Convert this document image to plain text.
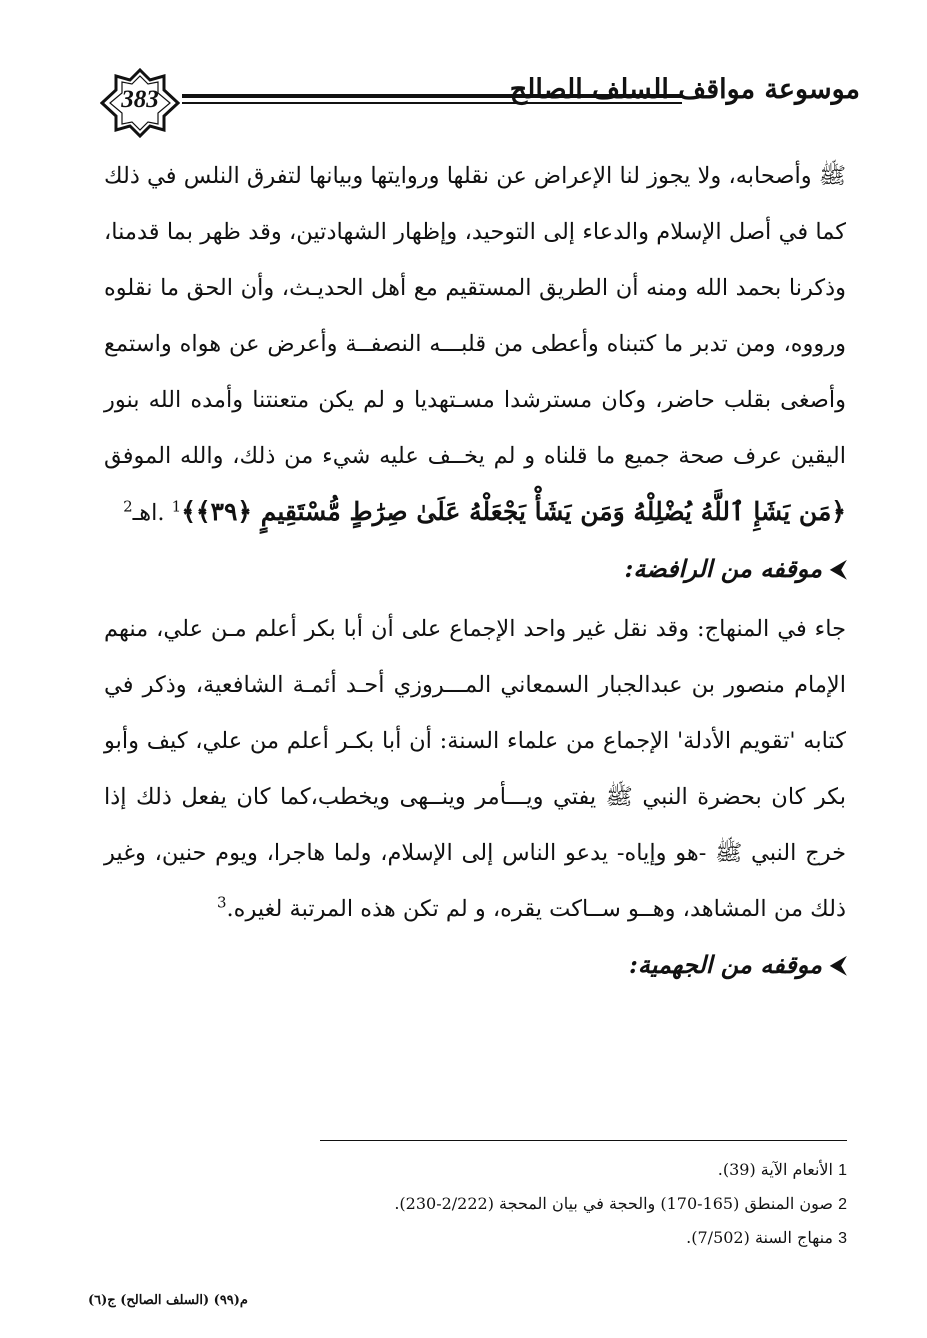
383	موسوعة مواقف السلف الصالح

ﷺ وأصحابه، ولا يجوز لنا الإعراض عن نقلها وروايتها وبيانها لتفرق النلس في ذلك كما في أصل الإسلام والدعاء إلى التوحيد، وإظهار الشهادتين، وقد ظهر بما قدمنا، وذكرنا بحمد الله ومنه أن الطريق المستقيم مع أهل الحديـث، وأن الحق ما نقلوه ورووه، ومن تدبر ما كتبناه وأعطى من قلبـــه النصفــة وأعرض عن هواه واستمع وأصغى بقلب حاضر، وكان مسترشدا مسـتهديا و لم يكن متعنتنا وأمده الله بنور اليقين عرف صحة جميع ما قلناه و لم يخــف عليه شيء من ذلك، والله الموفق ﴿مَن يَشَإِ ٱللَّهُ يُضْلِلْهُ وَمَن يَشَأْ يَجْعَلْهُ عَلَىٰ صِرَٰطٍ مُّسْتَقِيمٍ ﴿٣٩﴾﴾$^1$ .اهـ$^2$

⮜
موقفه من الرافضة:

جاء في المنهاج: وقد نقل غير واحد الإجماع على أن أبا بكر أعلم مـن علي، منهم الإمام منصور بن عبدالجبار السمعاني المـــروزي أحـد أئمـة الشافعية، وذكر في كتابه 'تقويم الأدلة' الإجماع من علماء السنة: أن أبا بكـر أعلم من علي، كيف وأبو بكر كان بحضرة النبي ﷺ يفتي ويـــأمر وينــهى ويخطب،كما كان يفعل ذلك إذا خرج النبي ﷺ -هو وإياه- يدعو الناس إلى الإسلام، ولما هاجرا، ويوم حنين، وغير ذلك من المشاهد، وهــو ســاكت يقره، و لم تكن هذه المرتبة لغيره.$^3$

⮜
موقفه من الجهمية:
1 الأنعام الآية (39).
2 صون المنطق (165-170) والحجة في بيان المحجة (2/222-230).
3 منهاج السنة (7/502).
م(٩٩) (السلف الصالح) ج(٦)
